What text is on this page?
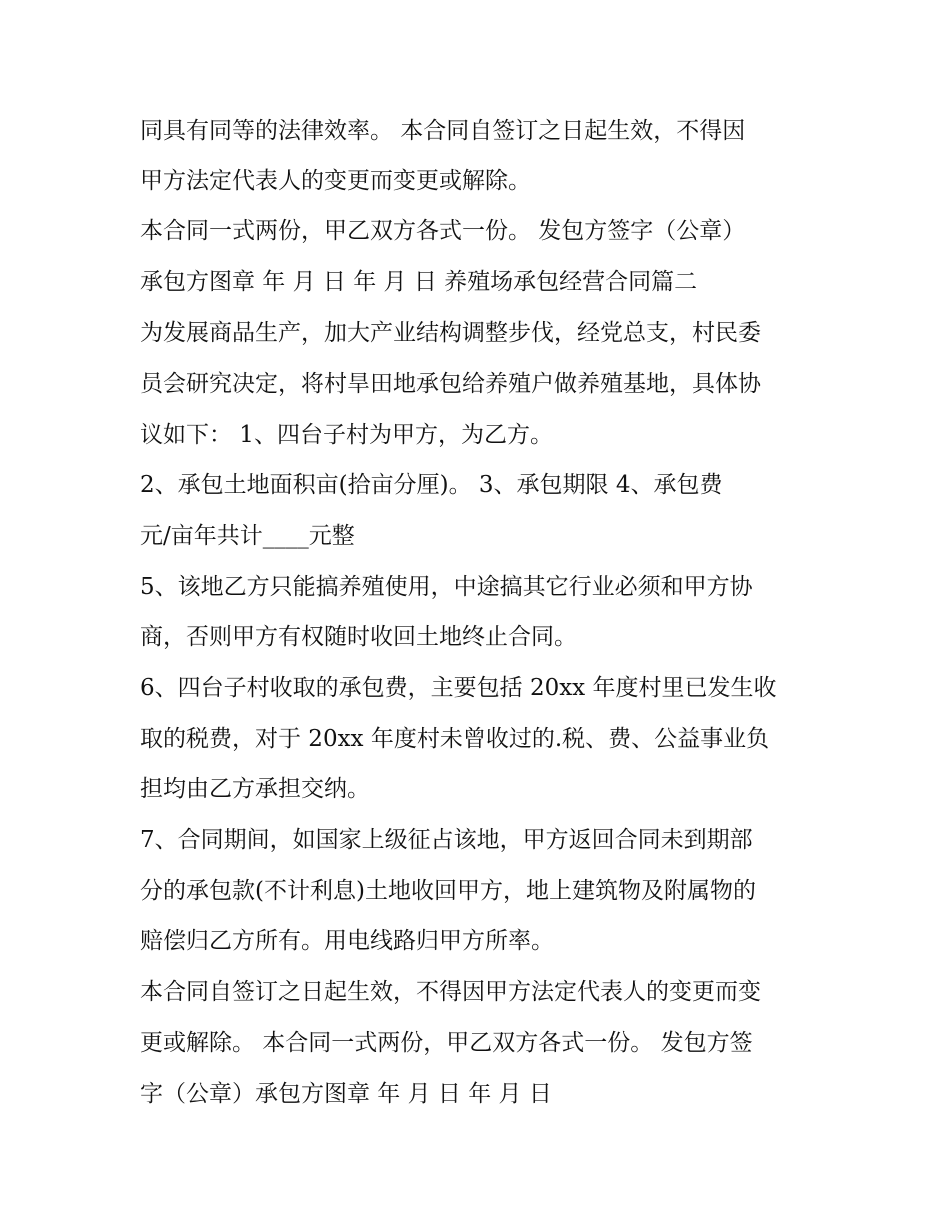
同具有同等的法律效率。 本合同自签订之日起生效，不得因
甲方法定代表人的变更而变更或解除。
本合同一式两份，甲乙双方各式一份。 发包方签字（公章）
承包方图章 年 月 日 年 月 日 养殖场承包经营合同篇二
为发展商品生产，加大产业结构调整步伐，经党总支，村民委
员会研究决定，将村旱田地承包给养殖户做养殖基地，具体协
议如下： 1、四台子村为甲方，为乙方。
2、承包土地面积亩(拾亩分厘)。 3、承包期限 4、承包费
元/亩年共计____元整
5、该地乙方只能搞养殖使用，中途搞其它行业必须和甲方协
商，否则甲方有权随时收回土地终止合同。
6、四台子村收取的承包费，主要包括 20xx 年度村里已发生收
取的税费，对于 20xx 年度村未曾收过的.税、费、公益事业负
担均由乙方承担交纳。
7、合同期间，如国家上级征占该地，甲方返回合同未到期部
分的承包款(不计利息)土地收回甲方，地上建筑物及附属物的
赔偿归乙方所有。用电线路归甲方所率。
本合同自签订之日起生效，不得因甲方法定代表人的变更而变
更或解除。 本合同一式两份，甲乙双方各式一份。 发包方签
字（公章）承包方图章 年 月 日 年 月 日
